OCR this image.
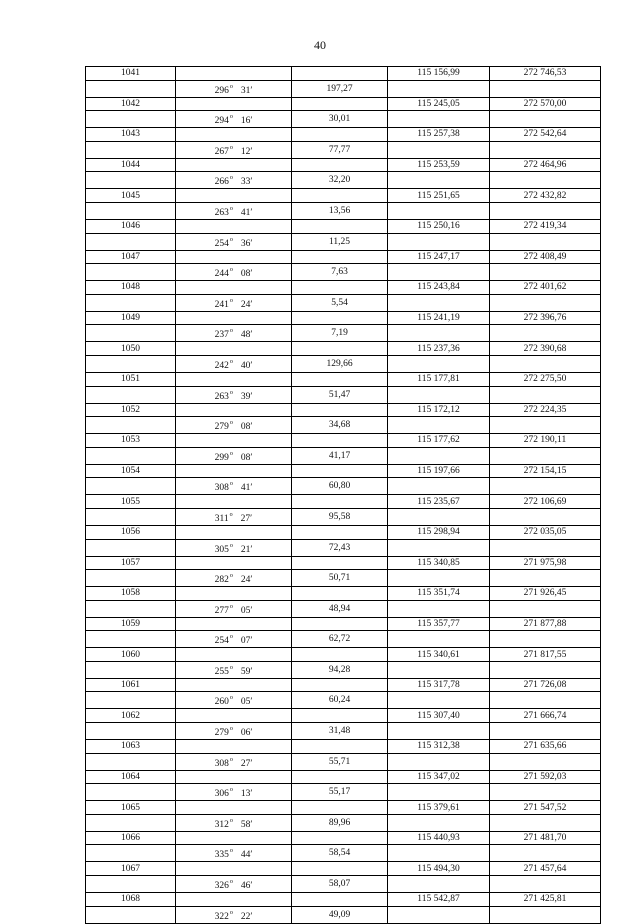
40
1041			115 156,99	272 746,53
	296$^o$ 31′	197,27		
1042			115 245,05	272 570,00
	294$^o$ 16′	30,01		
1043			115 257,38	272 542,64
	267$^o$ 12′	77,77		
1044			115 253,59	272 464,96
	266$^o$ 33′	32,20		
1045			115 251,65	272 432,82
	263$^o$ 41′	13,56		
1046			115 250,16	272 419,34
	254$^o$ 36′	11,25		
1047			115 247,17	272 408,49
	244$^o$ 08′	7,63		
1048			115 243,84	272 401,62
	241$^o$ 24′	5,54		
1049			115 241,19	272 396,76
	237$^o$ 48′	7,19		
1050			115 237,36	272 390,68
	242$^o$ 40′	129,66		
1051			115 177,81	272 275,50
	263$^o$ 39′	51,47		
1052			115 172,12	272 224,35
	279$^o$ 08′	34,68		
1053			115 177,62	272 190,11
	299$^o$ 08′	41,17		
1054			115 197,66	272 154,15
	308$^o$ 41′	60,80		
1055			115 235,67	272 106,69
	311$^o$ 27′	95,58		
1056			115 298,94	272 035,05
	305$^o$ 21′	72,43		
1057			115 340,85	271 975,98
	282$^o$ 24′	50,71		
1058			115 351,74	271 926,45
	277$^o$ 05′	48,94		
1059			115 357,77	271 877,88
	254$^o$ 07′	62,72		
1060			115 340,61	271 817,55
	255$^o$ 59′	94,28		
1061			115 317,78	271 726,08
	260$^o$ 05′	60,24		
1062			115 307,40	271 666,74
	279$^o$ 06′	31,48		
1063			115 312,38	271 635,66
	308$^o$ 27′	55,71		
1064			115 347,02	271 592,03
	306$^o$ 13′	55,17		
1065			115 379,61	271 547,52
	312$^o$ 58′	89,96		
1066			115 440,93	271 481,70
	335$^o$ 44′	58,54		
1067			115 494,30	271 457,64
	326$^o$ 46′	58,07		
1068			115 542,87	271 425,81
	322$^o$ 22′	49,09		
